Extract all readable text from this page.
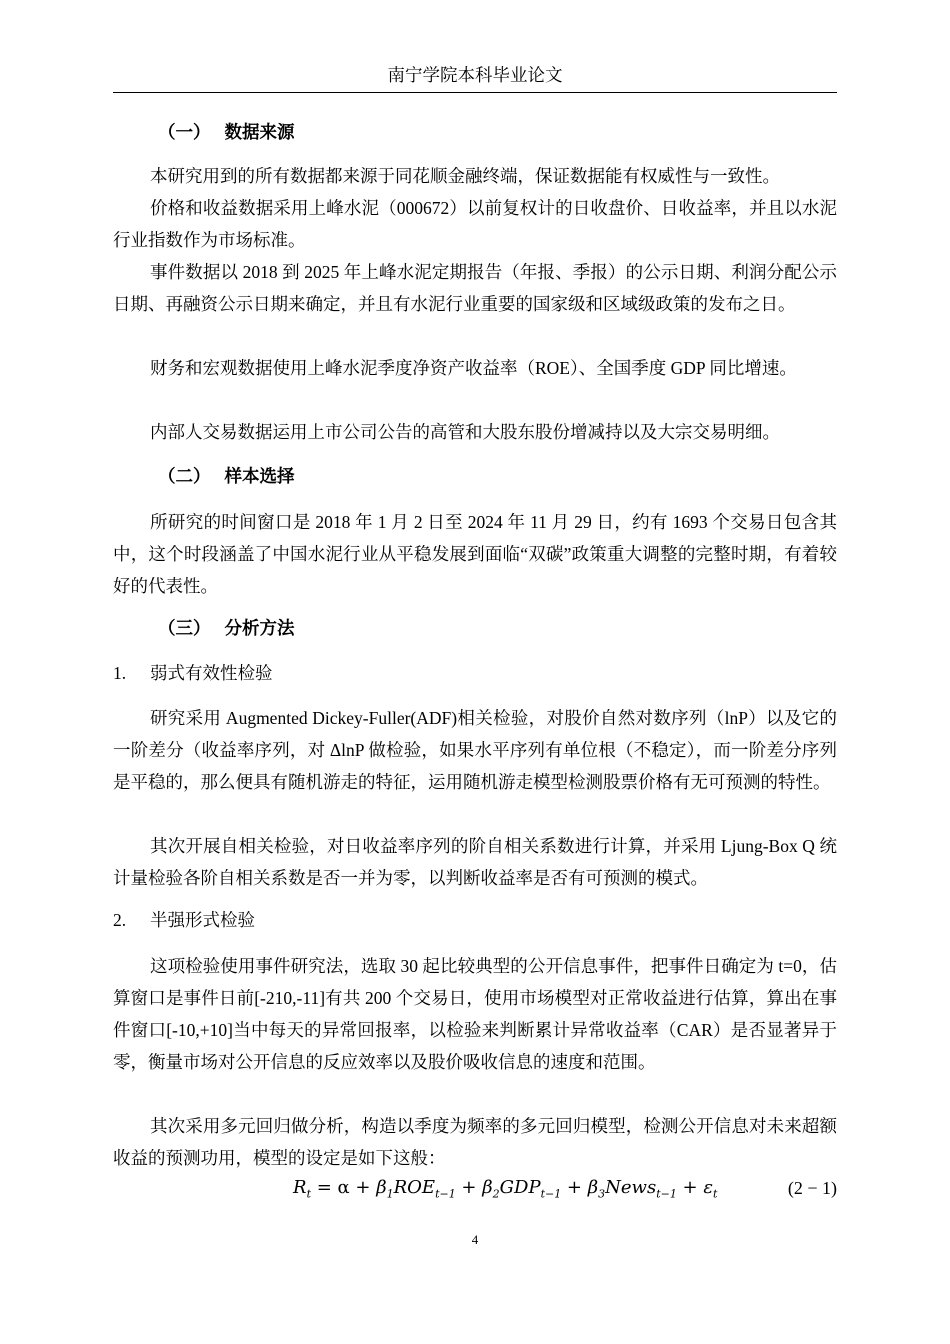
南宁学院本科毕业论文
（一） 数据来源
本研究用到的所有数据都来源于同花顺金融终端，保证数据能有权威性与一致性。
价格和收益数据采用上峰水泥（000672）以前复权计的日收盘价、日收益率，并且以水泥行业指数作为市场标准。
事件数据以 2018 到 2025 年上峰水泥定期报告（年报、季报）的公示日期、利润分配公示日期、再融资公示日期来确定，并且有水泥行业重要的国家级和区域级政策的发布之日。
财务和宏观数据使用上峰水泥季度净资产收益率（ROE）、全国季度 GDP 同比增速。
内部人交易数据运用上市公司公告的高管和大股东股份增减持以及大宗交易明细。
（二） 样本选择
所研究的时间窗口是 2018 年 1 月 2 日至 2024 年 11 月 29 日，约有 1693 个交易日包含其中，这个时段涵盖了中国水泥行业从平稳发展到面临“双碳”政策重大调整的完整时期，有着较好的代表性。
（三） 分析方法
1. 弱式有效性检验
研究采用 Augmented Dickey-Fuller(ADF)相关检验，对股价自然对数序列（lnP）以及它的一阶差分（收益率序列，对 ΔlnP 做检验，如果水平序列有单位根（不稳定），而一阶差分序列是平稳的，那么便具有随机游走的特征，运用随机游走模型检测股票价格有无可预测的特性。
其次开展自相关检验，对日收益率序列的阶自相关系数进行计算，并采用 Ljung-Box Q 统计量检验各阶自相关系数是否一并为零，以判断收益率是否有可预测的模式。
2. 半强形式检验
这项检验使用事件研究法，选取 30 起比较典型的公开信息事件，把事件日确定为 t=0，估算窗口是事件日前[-210,-11]有共 200 个交易日，使用市场模型对正常收益进行估算，算出在事件窗口[-10,+10]当中每天的异常回报率，以检验来判断累计异常收益率（CAR）是否显著异于零，衡量市场对公开信息的反应效率以及股价吸收信息的速度和范围。
其次采用多元回归做分析，构造以季度为频率的多元回归模型，检测公开信息对未来超额收益的预测功用，模型的设定是如下这般：
$R_t = \alpha + \beta_1ROE_{t-1} + \beta_2GDP_{t-1}$ + $\beta_3News_{t-1} + \varepsilon_t$	(2 − 1)
4
